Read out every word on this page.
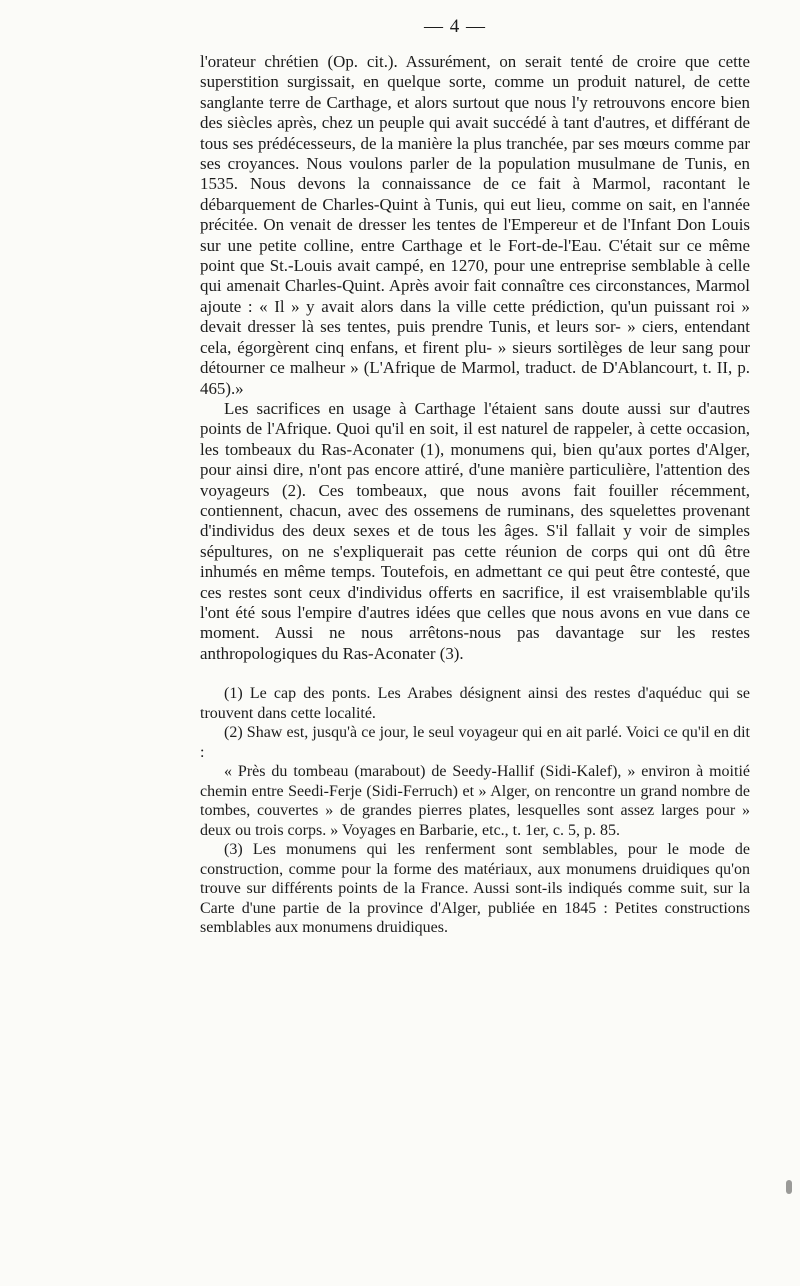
— 4 —

l'orateur chrétien (Op. cit.). Assurément, on serait tenté de croire que cette superstition surgissait, en quelque sorte, comme un produit naturel, de cette sanglante terre de Carthage, et alors surtout que nous l'y retrouvons encore bien des siècles après, chez un peuple qui avait succédé à tant d'autres, et différant de tous ses prédécesseurs, de la manière la plus tranchée, par ses mœurs comme par ses croyances. Nous voulons parler de la population musulmane de Tunis, en 1535. Nous devons la connaissance de ce fait à Marmol, racontant le débarquement de Charles-Quint à Tunis, qui eut lieu, comme on sait, en l'année précitée. On venait de dresser les tentes de l'Empereur et de l'Infant Don Louis sur une petite colline, entre Carthage et le Fort-de-l'Eau. C'était sur ce même point que St.-Louis avait campé, en 1270, pour une entreprise semblable à celle qui amenait Charles-Quint. Après avoir fait connaître ces circonstances, Marmol ajoute : « Il » y avait alors dans la ville cette prédiction, qu'un puissant roi » devait dresser là ses tentes, puis prendre Tunis, et leurs sor- » ciers, entendant cela, égorgèrent cinq enfans, et firent plu- » sieurs sortilèges de leur sang pour détourner ce malheur » (L'Afrique de Marmol, traduct. de D'Ablancourt, t. II, p. 465).»

Les sacrifices en usage à Carthage l'étaient sans doute aussi sur d'autres points de l'Afrique. Quoi qu'il en soit, il est naturel de rappeler, à cette occasion, les tombeaux du Ras-Aconater (1), monumens qui, bien qu'aux portes d'Alger, pour ainsi dire, n'ont pas encore attiré, d'une manière particulière, l'attention des voyageurs (2). Ces tombeaux, que nous avons fait fouiller récemment, contiennent, chacun, avec des ossemens de ruminans, des squelettes provenant d'individus des deux sexes et de tous les âges. S'il fallait y voir de simples sépultures, on ne s'expliquerait pas cette réunion de corps qui ont dû être inhumés en même temps. Toutefois, en admettant ce qui peut être contesté, que ces restes sont ceux d'individus offerts en sacrifice, il est vraisemblable qu'ils l'ont été sous l'empire d'autres idées que celles que nous avons en vue dans ce moment. Aussi ne nous arrêtons-nous pas davantage sur les restes anthropologiques du Ras-Aconater (3).

(1) Le cap des ponts. Les Arabes désignent ainsi des restes d'aquéduc qui se trouvent dans cette localité.

(2) Shaw est, jusqu'à ce jour, le seul voyageur qui en ait parlé. Voici ce qu'il en dit :

« Près du tombeau (marabout) de Seedy-Hallif (Sidi-Kalef), » environ à moitié chemin entre Seedi-Ferje (Sidi-Ferruch) et » Alger, on rencontre un grand nombre de tombes, couvertes » de grandes pierres plates, lesquelles sont assez larges pour » deux ou trois corps. » Voyages en Barbarie, etc., t. 1er, c. 5, p. 85.

(3) Les monumens qui les renferment sont semblables, pour le mode de construction, comme pour la forme des matériaux, aux monumens druidiques qu'on trouve sur différents points de la France. Aussi sont-ils indiqués comme suit, sur la Carte d'une partie de la province d'Alger, publiée en 1845 : Petites constructions semblables aux monumens druidiques.
